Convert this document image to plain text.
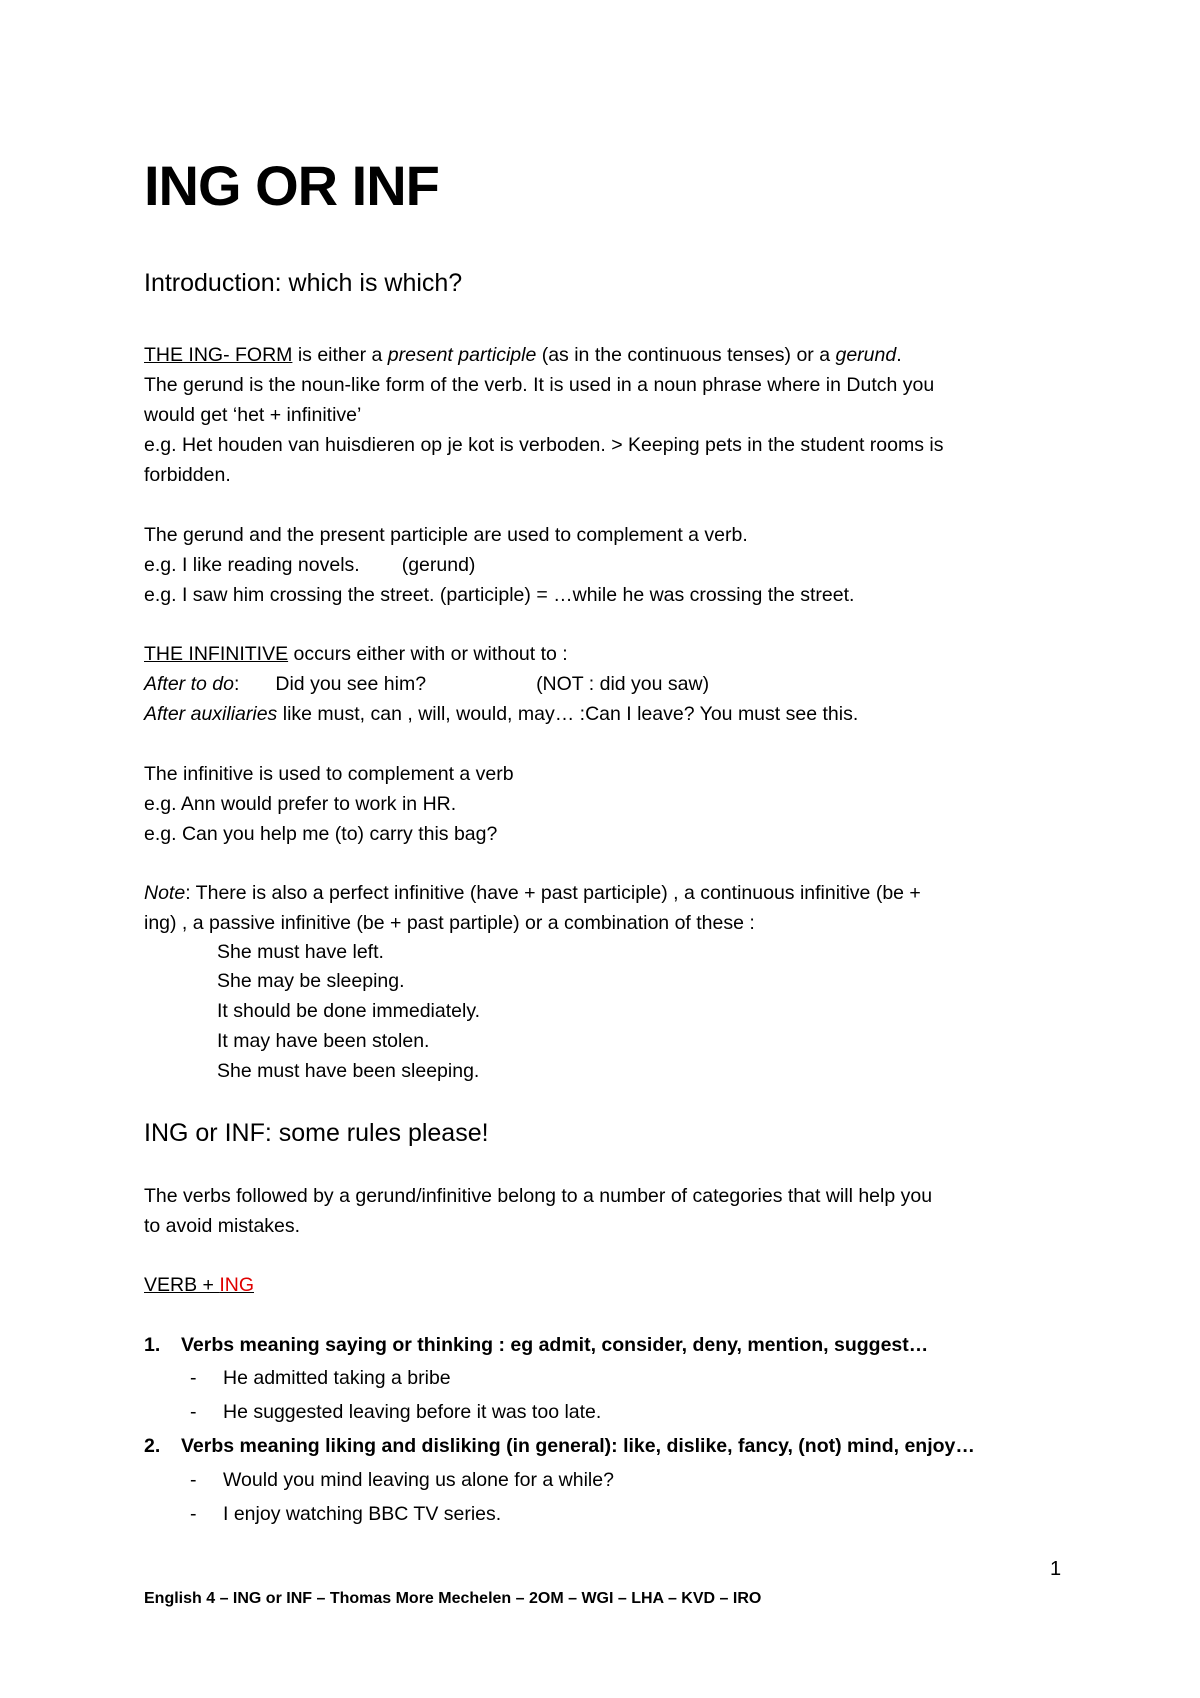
ING OR INF
Introduction: which is which?
THE ING- FORM is either a present participle (as in the continuous tenses) or a gerund.
The gerund is the noun-like form of the verb. It is used in a noun phrase where in Dutch you
would get ‘het + infinitive’
e.g. Het houden van huisdieren op je kot is verboden. > Keeping pets in the student rooms is
forbidden.
The gerund and the present participle are used to complement a verb.
e.g. I like reading novels. (gerund)
e.g. I saw him crossing the street. (participle) = …while he was crossing the street.
THE INFINITIVE occurs either with or without to :
After to do: Did you see him?	(NOT : did you saw)
After auxiliaries like must, can , will, would, may… :Can I leave? You must see this.
The infinitive is used to complement a verb
e.g. Ann would prefer to work in HR.
e.g. Can you help me (to) carry this bag?
Note: There is also a perfect infinitive (have + past participle) , a continuous infinitive (be +
ing) , a passive infinitive (be + past partiple) or a combination of these :
She must have left.
She may be sleeping.
It should be done immediately.
It may have been stolen.
She must have been sleeping.
ING or INF: some rules please!
The verbs followed by a gerund/infinitive belong to a number of categories that will help you
to avoid mistakes.
VERB + ING
1. Verbs meaning saying or thinking : eg admit, consider, deny, mention, suggest…
- He admitted taking a bribe
- He suggested leaving before it was too late.
2. Verbs meaning liking and disliking (in general): like, dislike, fancy, (not) mind, enjoy…
- Would you mind leaving us alone for a while?
- I enjoy watching BBC TV series.
1
English 4 – ING or INF – Thomas More Mechelen – 2OM – WGI – LHA – KVD – IRO
